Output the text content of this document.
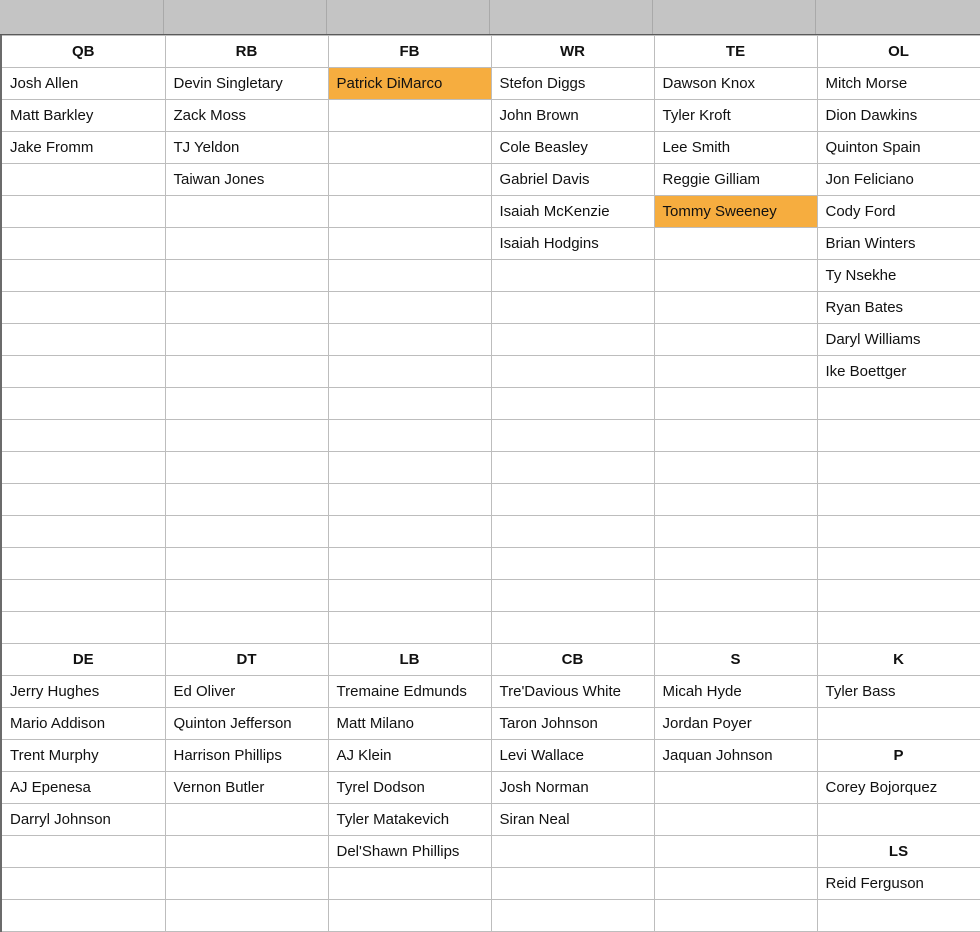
QB	RB	FB	WR	TE	OL
Josh Allen	Devin Singletary	Patrick DiMarco	Stefon Diggs	Dawson Knox	Mitch Morse
Matt Barkley	Zack Moss		John Brown	Tyler Kroft	Dion Dawkins
Jake Fromm	TJ Yeldon		Cole Beasley	Lee Smith	Quinton Spain
	Taiwan Jones		Gabriel Davis	Reggie Gilliam	Jon Feliciano
			Isaiah McKenzie	Tommy Sweeney	Cody Ford
			Isaiah Hodgins		Brian Winters
					Ty Nsekhe
					Ryan Bates
					Daryl Williams
					Ike Boettger

DE	DT	LB	CB	S	K
Jerry Hughes	Ed Oliver	Tremaine Edmunds	Tre'Davious White	Micah Hyde	Tyler Bass
Mario Addison	Quinton Jefferson	Matt Milano	Taron Johnson	Jordan Poyer	
Trent Murphy	Harrison Phillips	AJ Klein	Levi Wallace	Jaquan Johnson	P
AJ Epenesa	Vernon Butler	Tyrel Dodson	Josh Norman		Corey Bojorquez
Darryl Johnson		Tyler Matakevich	Siran Neal		
		Del'Shawn Phillips			LS
					Reid Ferguson
